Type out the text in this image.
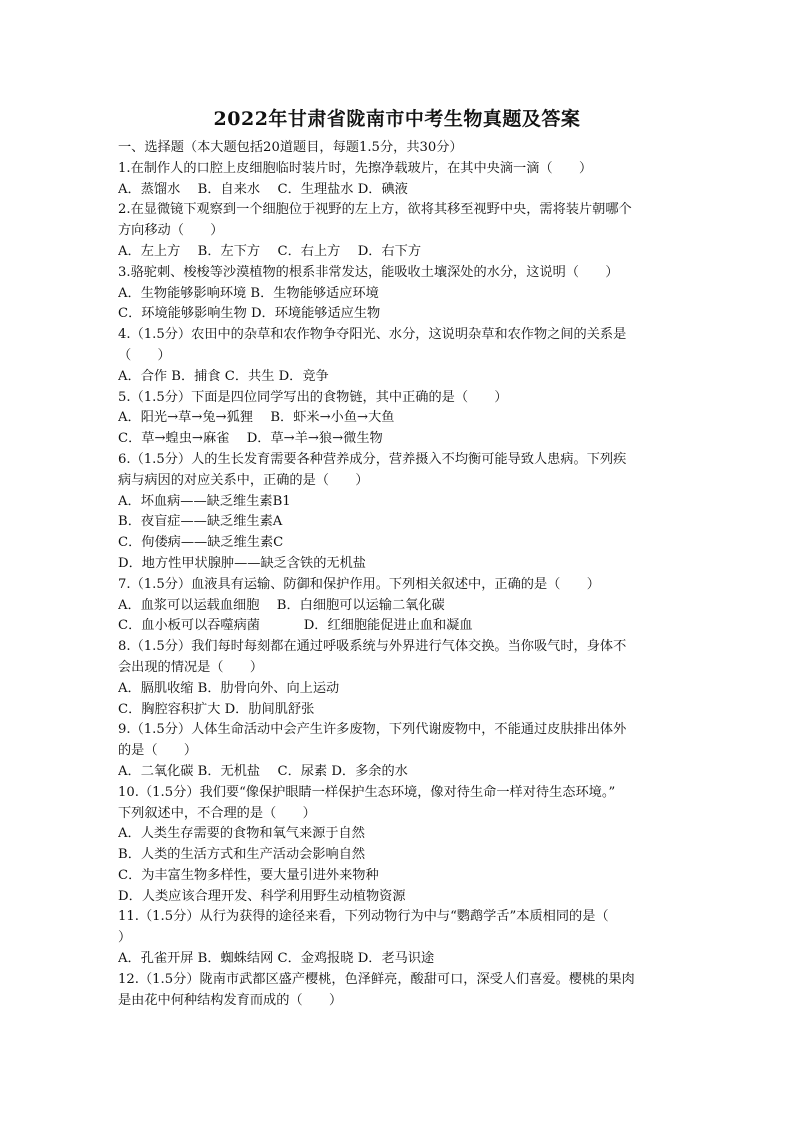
2022年甘肃省陇南市中考生物真题及答案
一、选择题（本大题包括20道题目，每题1.5分，共30分）
1.在制作人的口腔上皮细胞临时装片时，先擦净载玻片，在其中央滴一滴（　　）
A．蒸馏水　 B．自来水　 C．生理盐水 D．碘液
2.在显微镜下观察到一个细胞位于视野的左上方，欲将其移至视野中央，需将装片朝哪个
方向移动（　　）
A．左上方　 B．左下方　 C．右上方　 D．右下方
3.骆驼刺、梭梭等沙漠植物的根系非常发达，能吸收土壤深处的水分，这说明（　　）
A．生物能够影响环境 B．生物能够适应环境
C．环境能够影响生物 D．环境能够适应生物
4.（1.5分）农田中的杂草和农作物争夺阳光、水分，这说明杂草和农作物之间的关系是
（　　）
A．合作 B．捕食 C．共生 D．竞争
5.（1.5分）下面是四位同学写出的食物链，其中正确的是（　　）
A．阳光→草→兔→狐狸　 B．虾米→小鱼→大鱼
C．草→蝗虫→麻雀　 D．草→羊→狼→微生物
6.（1.5分）人的生长发育需要各种营养成分，营养摄入不均衡可能导致人患病。下列疾
病与病因的对应关系中，正确的是（　　）
A．坏血病——缺乏维生素B1
B．夜盲症——缺乏维生素A
C．佝偻病——缺乏维生素C
D．地方性甲状腺肿——缺乏含铁的无机盐
7.（1.5分）血液具有运输、防御和保护作用。下列相关叙述中，正确的是（　　）
A．血浆可以运载血细胞　 B．白细胞可以运输二氧化碳
C．血小板可以吞噬病菌　　　 D．红细胞能促进止血和凝血
8.（1.5分）我们每时每刻都在通过呼吸系统与外界进行气体交换。当你吸气时，身体不
会出现的情况是（　　）
A．膈肌收缩 B．肋骨向外、向上运动
C．胸腔容积扩大 D．肋间肌舒张
9.（1.5分）人体生命活动中会产生许多废物，下列代谢废物中，不能通过皮肤排出体外
的是（　　）
A．二氧化碳 B．无机盐　 C．尿素 D．多余的水
10.（1.5分）我们要“像保护眼睛一样保护生态环境，像对待生命一样对待生态环境。”
下列叙述中，不合理的是（　　）
A．人类生存需要的食物和氧气来源于自然
B．人类的生活方式和生产活动会影响自然
C．为丰富生物多样性，要大量引进外来物种
D．人类应该合理开发、科学利用野生动植物资源
11.（1.5分）从行为获得的途径来看，下列动物行为中与“鹦鹉学舌”本质相同的是（
）
A．孔雀开屏 B．蜘蛛结网 C．金鸡报晓 D．老马识途
12.（1.5分）陇南市武都区盛产樱桃，色泽鲜亮，酸甜可口，深受人们喜爱。樱桃的果肉
是由花中何种结构发育而成的（　　）
